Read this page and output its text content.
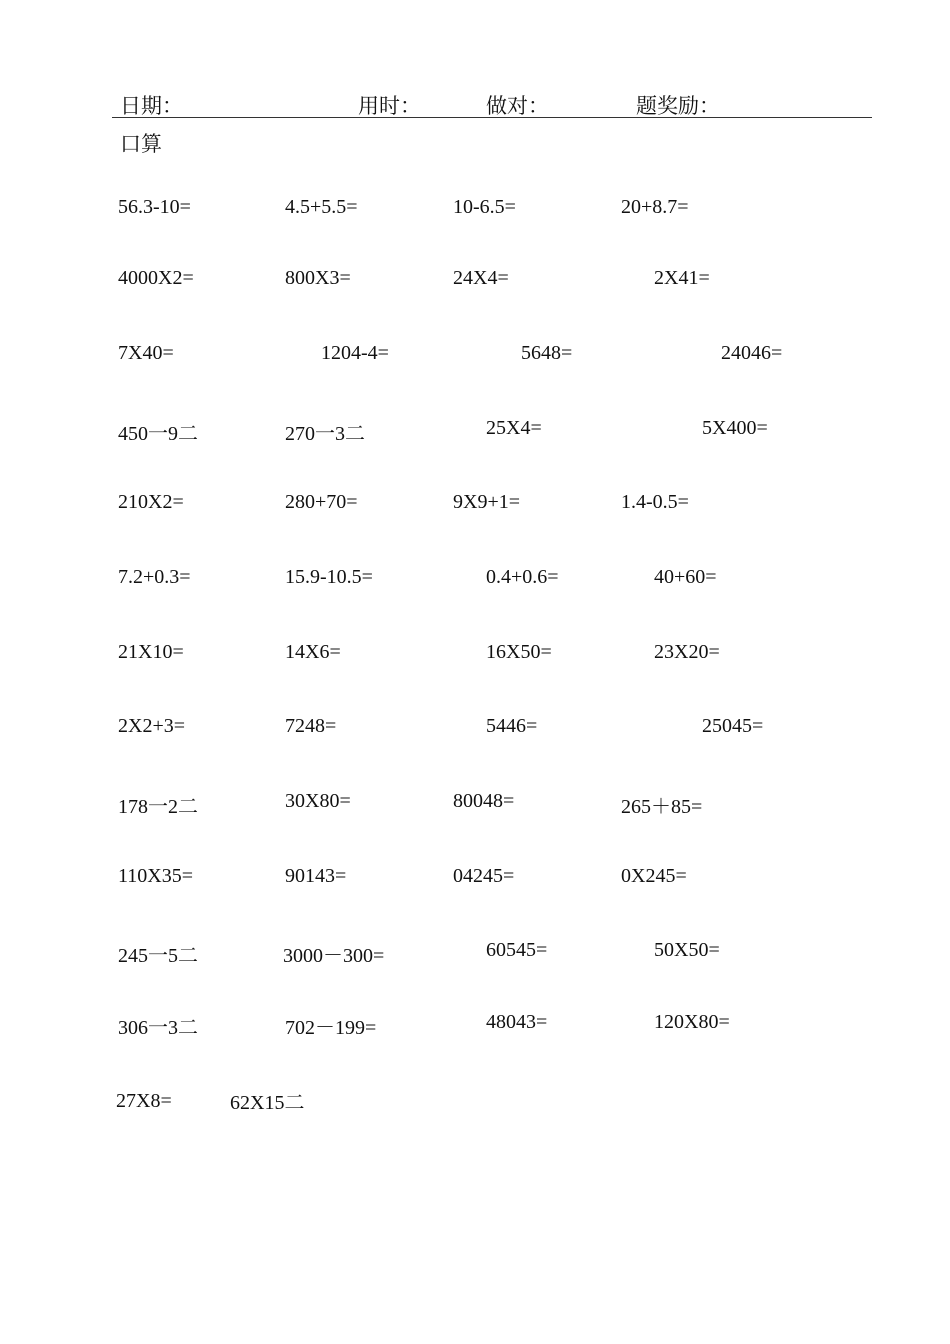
日期：	用时：	做对：	题奖励：
口算
56.3-10=	4.5+5.5=	10-6.5=	20+8.7=
4000X2=	800X3=	24X4=	2X41=
7X40=	1204-4=	5648=	24046=
450一9二	270一3二	25X4=	5X400=
210X2=	280+70=	9X9+1=	1.4-0.5=
7.2+0.3=	15.9-10.5=	0.4+0.6=	40+60=
21X10=	14X6=	16X50=	23X20=
2X2+3=	7248=	5446=	25045=
178一2二	30X80=	80048=	265＋85=
110X35=	90143=	04245=	0X245=
245一5二	3000－300=	60545=	50X50=
306一3二	702－199=	48043=	120X80=
27X8=	62X15二
